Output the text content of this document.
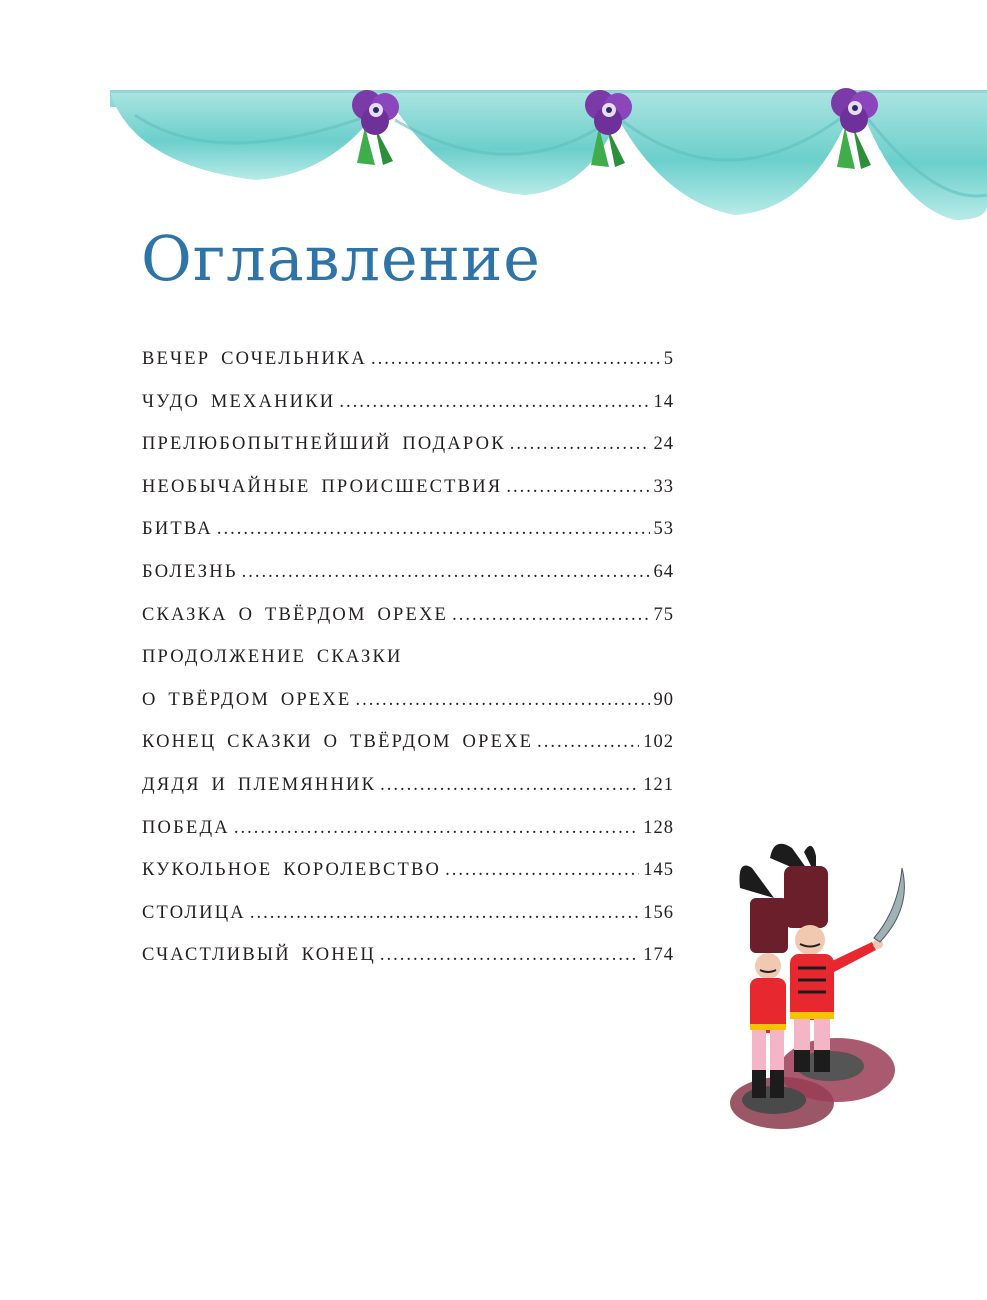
Оглавление
ВЕЧЕР СОЧЕЛЬНИКА .....	5
ЧУДО МЕХАНИКИ .....	14
ПРЕЛЮБОПЫТНЕЙШИЙ ПОДАРОК .....	24
НЕОБЫЧАЙНЫЕ ПРОИСШЕСТВИЯ .....	33
БИТВА .....	53
БОЛЕЗНЬ .....	64
СКАЗКА О ТВЁРДОМ ОРЕХЕ .....	75
ПРОДОЛЖЕНИЕ СКАЗКИ
О ТВЁРДОМ ОРЕХЕ .....	90
КОНЕЦ СКАЗКИ О ТВЁРДОМ ОРЕХЕ .....	102
ДЯДЯ И ПЛЕМЯННИК .....	121
ПОБЕДА .....	128
КУКОЛЬНОЕ КОРОЛЕВСТВО .....	145
СТОЛИЦА .....	156
СЧАСТЛИВЫЙ КОНЕЦ .....	174
